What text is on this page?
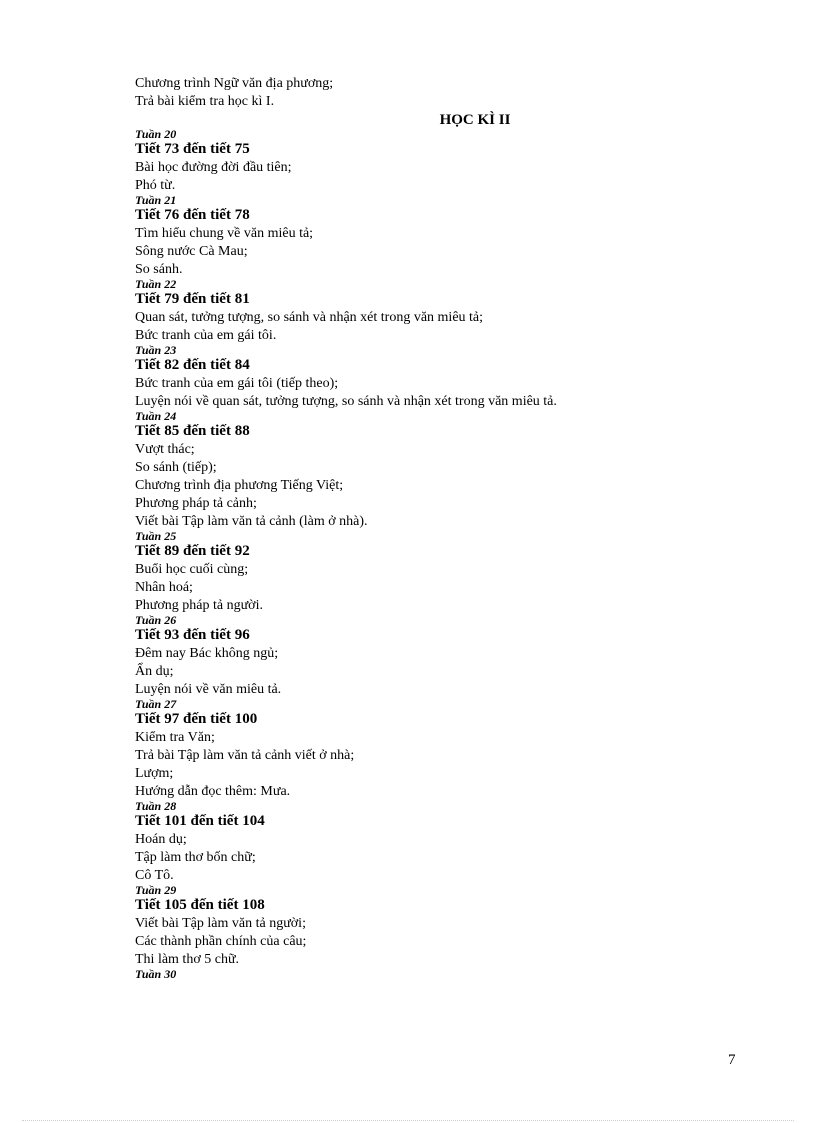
Chương trình Ngữ văn địa phương;
Trả bài kiểm tra học kì I.
HỌC KÌ II
Tuần 20
Tiết 73 đến tiết 75
Bài học đường đời đầu tiên;
Phó từ.
Tuần 21
Tiết 76 đến tiết 78
Tìm hiểu chung về văn miêu tả;
Sông nước Cà Mau;
So sánh.
Tuần 22
Tiết 79 đến tiết 81
Quan sát, tưởng tượng, so sánh và nhận xét trong văn miêu tả;
Bức tranh của em gái tôi.
Tuần 23
Tiết 82 đến tiết 84
Bức tranh của em gái tôi (tiếp theo);
Luyện nói về quan sát, tưởng tượng, so sánh và nhận xét trong văn miêu tả.
Tuần 24
Tiết 85 đến tiết 88
Vượt thác;
So sánh (tiếp);
Chương trình địa phương Tiếng Việt;
Phương pháp tả cảnh;
Viết bài Tập làm văn tả cảnh (làm ở nhà).
Tuần 25
Tiết 89 đến tiết 92
Buổi học cuối cùng;
Nhân hoá;
Phương pháp tả người.
Tuần 26
Tiết 93 đến tiết 96
Đêm nay Bác không ngủ;
Ẩn dụ;
Luyện nói về văn miêu tả.
Tuần 27
Tiết 97 đến tiết 100
Kiểm tra Văn;
Trả bài Tập làm văn tả cảnh viết ở nhà;
Lượm;
Hướng dẫn đọc thêm: Mưa.
Tuần 28
Tiết 101 đến tiết 104
Hoán dụ;
Tập làm thơ bốn chữ;
Cô Tô.
Tuần 29
Tiết 105 đến tiết 108
Viết bài Tập làm văn tả người;
Các thành phần chính của câu;
Thi làm thơ 5 chữ.
Tuần 30
7
